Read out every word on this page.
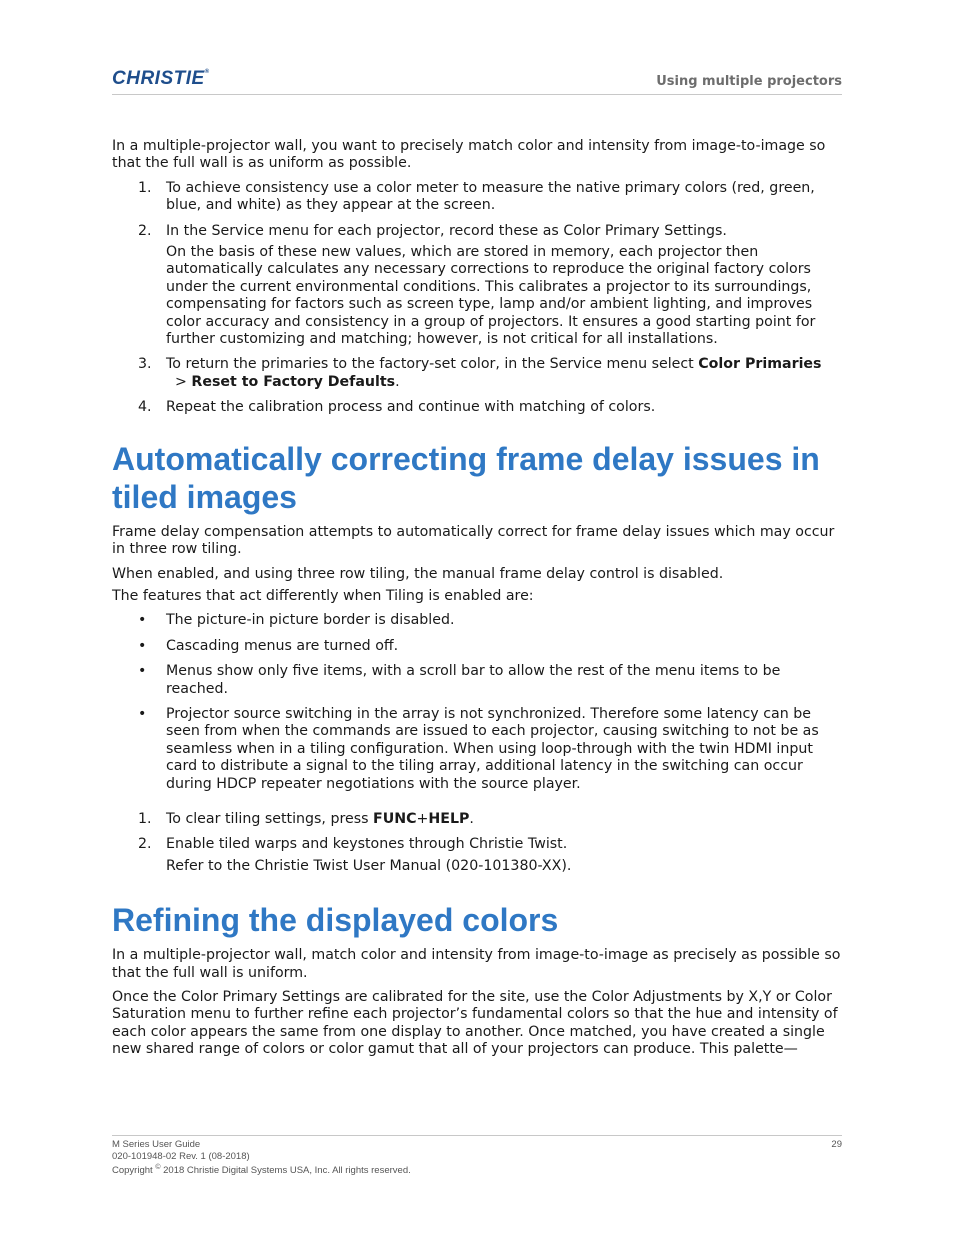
CHRISTIE®
Using multiple projectors

In a multiple-projector wall, you want to precisely match color and intensity from image-to-image so that the full wall is as uniform as possible.

1. To achieve consistency use a color meter to measure the native primary colors (red, green, blue, and white) as they appear at the screen.
2. In the Service menu for each projector, record these as Color Primary Settings.
On the basis of these new values, which are stored in memory, each projector then automatically calculates any necessary corrections to reproduce the original factory colors under the current environmental conditions. This calibrates a projector to its surroundings, compensating for factors such as screen type, lamp and/or ambient lighting, and improves color accuracy and consistency in a group of projectors. It ensures a good starting point for further customizing and matching; however, is not critical for all installations.
3. To return the primaries to the factory-set color, in the Service menu select Color Primaries  > Reset to Factory Defaults.
4. Repeat the calibration process and continue with matching of colors.
Automatically correcting frame delay issues in tiled images

Frame delay compensation attempts to automatically correct for frame delay issues which may occur in three row tiling.

When enabled, and using three row tiling, the manual frame delay control is disabled.

The features that act differently when Tiling is enabled are:

• The picture-in picture border is disabled.
• Cascading menus are turned off.
• Menus show only five items, with a scroll bar to allow the rest of the menu items to be reached.
• Projector source switching in the array is not synchronized. Therefore some latency can be seen from when the commands are issued to each projector, causing switching to not be as seamless when in a tiling configuration. When using loop-through with the twin HDMI input card to distribute a signal to the tiling array, additional latency in the switching can occur during HDCP repeater negotiations with the source player.
1. To clear tiling settings, press FUNC+HELP.
2. Enable tiled warps and keystones through Christie Twist.
Refer to the Christie Twist User Manual (020-101380-XX).
Refining the displayed colors

In a multiple-projector wall, match color and intensity from image-to-image as precisely as possible so that the full wall is uniform.

Once the Color Primary Settings are calibrated for the site, use the Color Adjustments by X,Y or Color Saturation menu to further refine each projector’s fundamental colors so that the hue and intensity of each color appears the same from one display to another. Once matched, you have created a single new shared range of colors or color gamut that all of your projectors can produce. This palette—

M Series User Guide
020-101948-02 Rev. 1 (08-2018)
Copyright © 2018 Christie Digital Systems USA, Inc. All rights reserved.
29
